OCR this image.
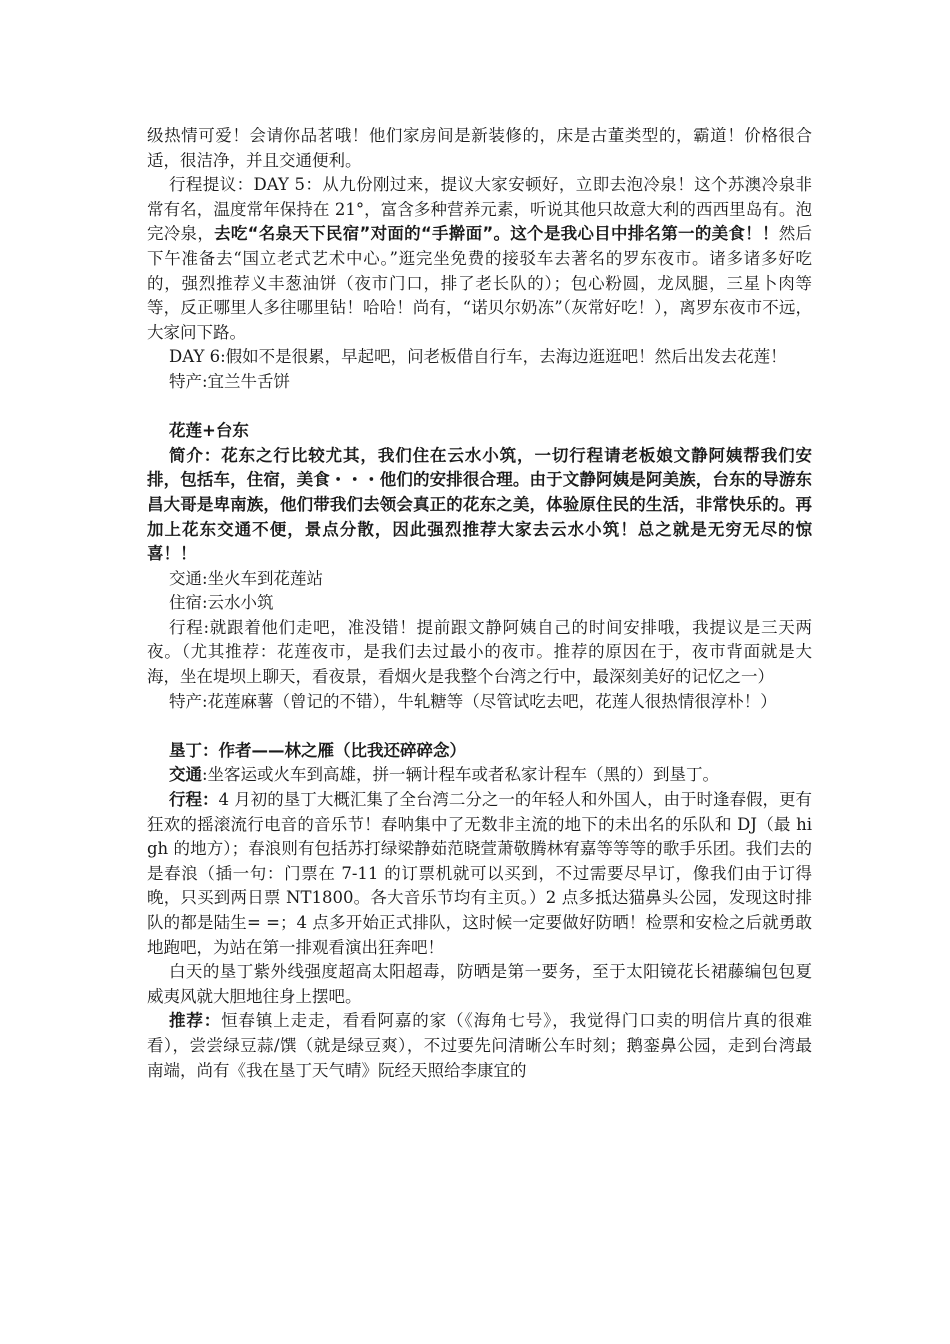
级热情可爱！会请你品茗哦！他们家房间是新装修的，床是古董类型的，霸道！价格很合适，很洁净，并且交通便利。

行程提议：DAY 5：从九份刚过来，提议大家安顿好，立即去泡冷泉！这个苏澳冷泉非常有名，温度常年保持在 21°，富含多种营养元素，听说其他只故意大利的西西里岛有。泡完冷泉，去吃“名泉天下民宿”对面的“手擀面”。这个是我心目中排名第一的美食！！然后下午准备去“国立老式艺术中心。”逛完坐免费的接驳车去著名的罗东夜市。诸多诸多好吃的，强烈推荐义丰葱油饼（夜市门口，排了老长队的）；包心粉圆，龙凤腿，三星卜肉等等，反正哪里人多往哪里钻！哈哈！尚有，“诺贝尔奶冻”（灰常好吃！），离罗东夜市不远，大家问下路。

DAY 6:假如不是很累，早起吧，问老板借自行车，去海边逛逛吧！然后出发去花莲！

特产:宜兰牛舌饼

花莲+台东

简介：花东之行比较尤其，我们住在云水小筑，一切行程请老板娘文静阿姨帮我们安排，包括车，住宿，美食・・・他们的安排很合理。由于文静阿姨是阿美族，台东的导游东昌大哥是卑南族，他们带我们去领会真正的花东之美，体验原住民的生活，非常快乐的。再加上花东交通不便，景点分散，因此强烈推荐大家去云水小筑！总之就是无穷无尽的惊喜！！

交通:坐火车到花莲站

住宿:云水小筑

行程:就跟着他们走吧，准没错！提前跟文静阿姨自己的时间安排哦，我提议是三天两夜。（尤其推荐：花莲夜市，是我们去过最小的夜市。推荐的原因在于，夜市背面就是大海，坐在堤坝上聊天，看夜景，看烟火是我整个台湾之行中，最深刻美好的记忆之一）

特产:花莲麻薯（曾记的不错），牛轧糖等（尽管试吃去吧，花莲人很热情很淳朴！）

垦丁：作者——林之雁（比我还碎碎念）

交通:坐客运或火车到高雄，拼一辆计程车或者私家计程车（黑的）到垦丁。

行程：4 月初的垦丁大概汇集了全台湾二分之一的年轻人和外国人，由于时逢春假，更有狂欢的摇滚流行电音的音乐节！春呐集中了无数非主流的地下的未出名的乐队和 DJ（最 high 的地方）；春浪则有包括苏打绿梁静茹范晓萱萧敬腾林宥嘉等等等的歌手乐团。我们去的是春浪（插一句：门票在 7-11 的订票机就可以买到，不过需要尽早订，像我们由于订得晚，只买到两日票 NT1800。各大音乐节均有主页。）2 点多抵达猫鼻头公园，发现这时排队的都是陆生= =；4 点多开始正式排队，这时候一定要做好防晒！检票和安检之后就勇敢地跑吧，为站在第一排观看演出狂奔吧！

白天的垦丁紫外线强度超高太阳超毒，防晒是第一要务，至于太阳镜花长裙藤编包包夏威夷风就大胆地往身上摆吧。

推荐：恒春镇上走走，看看阿嘉的家（《海角七号》，我觉得门口卖的明信片真的很难看），尝尝绿豆蒜/馔（就是绿豆爽），不过要先问清晰公车时刻；鹅銮鼻公园，走到台湾最南端，尚有《我在垦丁天气晴》阮经天照给李康宜的
